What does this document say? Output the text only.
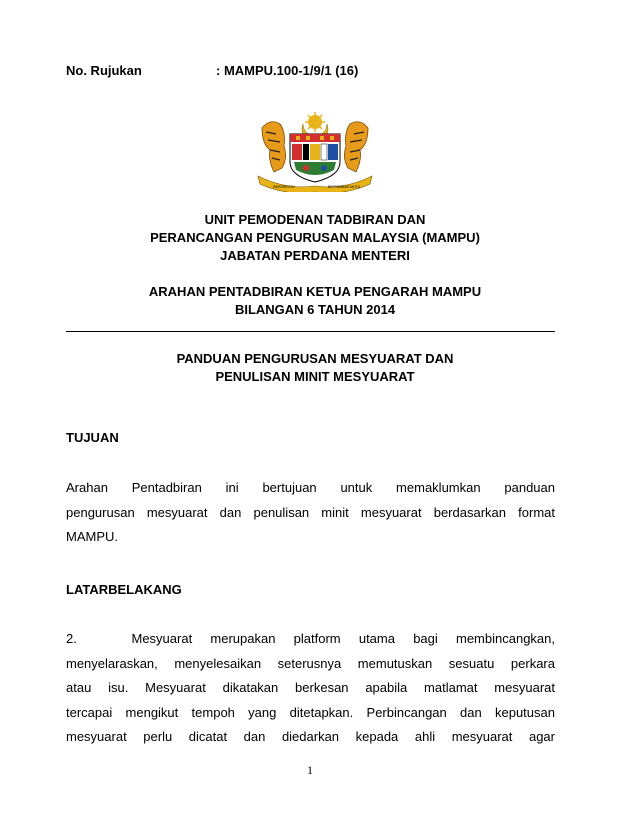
No. Rujukan	: MAMPU.100-1/9/1 (16)
BERSEKUTU	BERTAMBAH MUTU
UNIT PEMODENAN TADBIRAN DAN
PERANCANGAN PENGURUSAN MALAYSIA (MAMPU)
JABATAN PERDANA MENTERI
ARAHAN PENTADBIRAN KETUA PENGARAH MAMPU
BILANGAN 6 TAHUN 2014
PANDUAN PENGURUSAN MESYUARAT DAN
PENULISAN MINIT MESYUARAT
TUJUAN
Arahan Pentadbiran ini bertujuan untuk memaklumkan panduan
pengurusan mesyuarat dan penulisan minit mesyuarat berdasarkan format
MAMPU.
LATARBELAKANG
2.   Mesyuarat merupakan platform utama bagi membincangkan,
menyelaraskan, menyelesaikan seterusnya memutuskan sesuatu perkara
atau isu. Mesyuarat dikatakan berkesan apabila matlamat mesyuarat
tercapai mengikut tempoh yang ditetapkan. Perbincangan dan keputusan
mesyuarat perlu dicatat dan diedarkan kepada ahli mesyuarat agar
1
